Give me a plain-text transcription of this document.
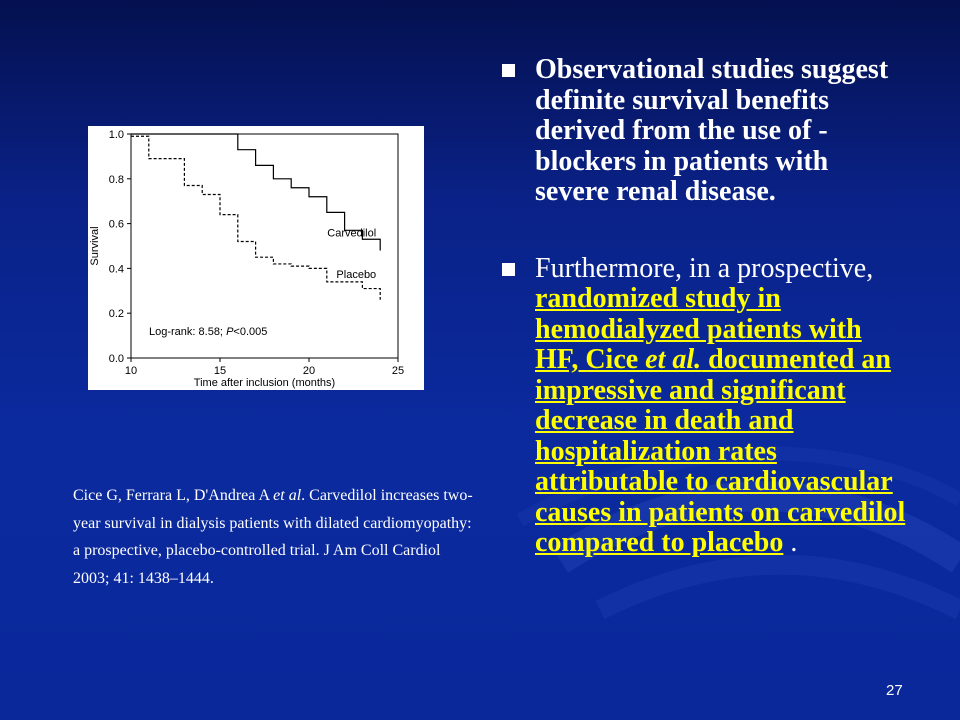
0.0
0.2
0.4
0.6
0.8
1.0
10	15	20	25
Time after inclusion (months)
Survival	Carvedilol
Placebo
Log-rank: 8.58; P<0.005
Cice G, Ferrara L, D'Andrea A et al. Carvedilol increases two-year survival in dialysis patients with dilated cardiomyopathy: a prospective, placebo-controlled trial. J Am Coll Cardiol 2003; 41: 1438–1444.
Observational studies suggest definite survival benefits derived from the use of -blockers in patients with severe renal disease.
Furthermore, in a prospective, randomized study in hemodialyzed patients with HF, Cice et al. documented an impressive and significant decrease in death and hospitalization rates attributable to cardiovascular causes in patients on carvedilol compared to placebo .
27
